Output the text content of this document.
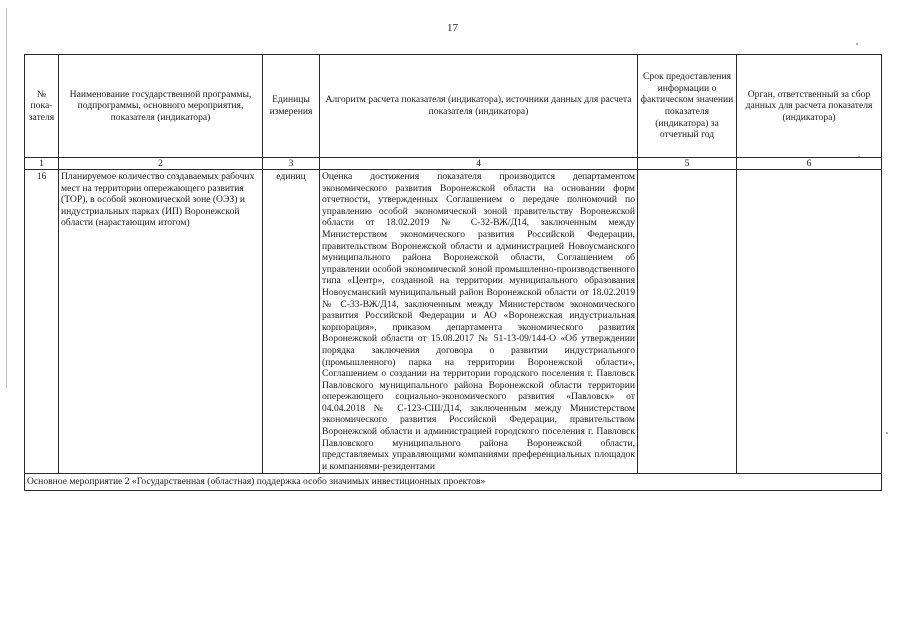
17
№ пока-зателя	Наименование государственной программы, подпрограммы, основного мероприятия, показателя (индикатора)	Единицы измерения	Алгоритм расчета показателя (индикатора), источники данных для расчета показателя (индикатора)	Срок предоставления информации о фактическом значении показателя (индикатора) за отчетный год	Орган, ответственный за сбор данных для расчета показателя (индикатора)
1	2	3	4	5	6
16	Планируемое количество создаваемых рабочих мест на территории опережающего развития (ТОР), в особой экономической зоне (ОЭЗ) и индустриальных парках (ИП) Воронежской области (нарастающим итогом)	единиц	Оценка достижения показателя производится департаментом экономического развития Воронежской области на основании форм отчетности, утвержденных Соглашением о передаче полномочий по управлению особой экономической зоной правительству Воронежской области от 18.02.2019 № С-32-ВЖ/Д14, заключенным между Министерством экономического развития Российской Федерации, правительством Воронежской области и администрацией Новоусманского муниципального района Воронежской области, Соглашением об управлении особой экономической зоной промышленно-производственного типа «Центр», созданной на территории муниципального образования Новоусманский муниципальный район Воронежской области от 18.02.2019 № С-33-ВЖ/Д14, заключенным между Министерством экономического развития Российской Федерации и АО «Воронежская индустриальная корпорация», приказом департамента экономического развития Воронежской области от 15.08.2017 № 51-13-09/144-О «Об утверждении порядка заключения договора о развитии индустриального (промышленного) парка на территории Воронежской области», Соглашением о создании на территории городского поселения г. Павловск Павловского муниципального района Воронежской области территории опережающего социально-экономического развития «Павловск» от 04.04.2018 № С-123-СШ/Д14, заключенным между Министерством экономического развития Российской Федерации, правительством Воронежской области и администрацией городского поселения г. Павловск Павловского муниципального района Воронежской области, представляемых управляющими компаниями преференциальных площадок и компаниями-резидентами		
Основное мероприятие 2 «Государственная (областная) поддержка особо значимых инвестиционных проектов»					
